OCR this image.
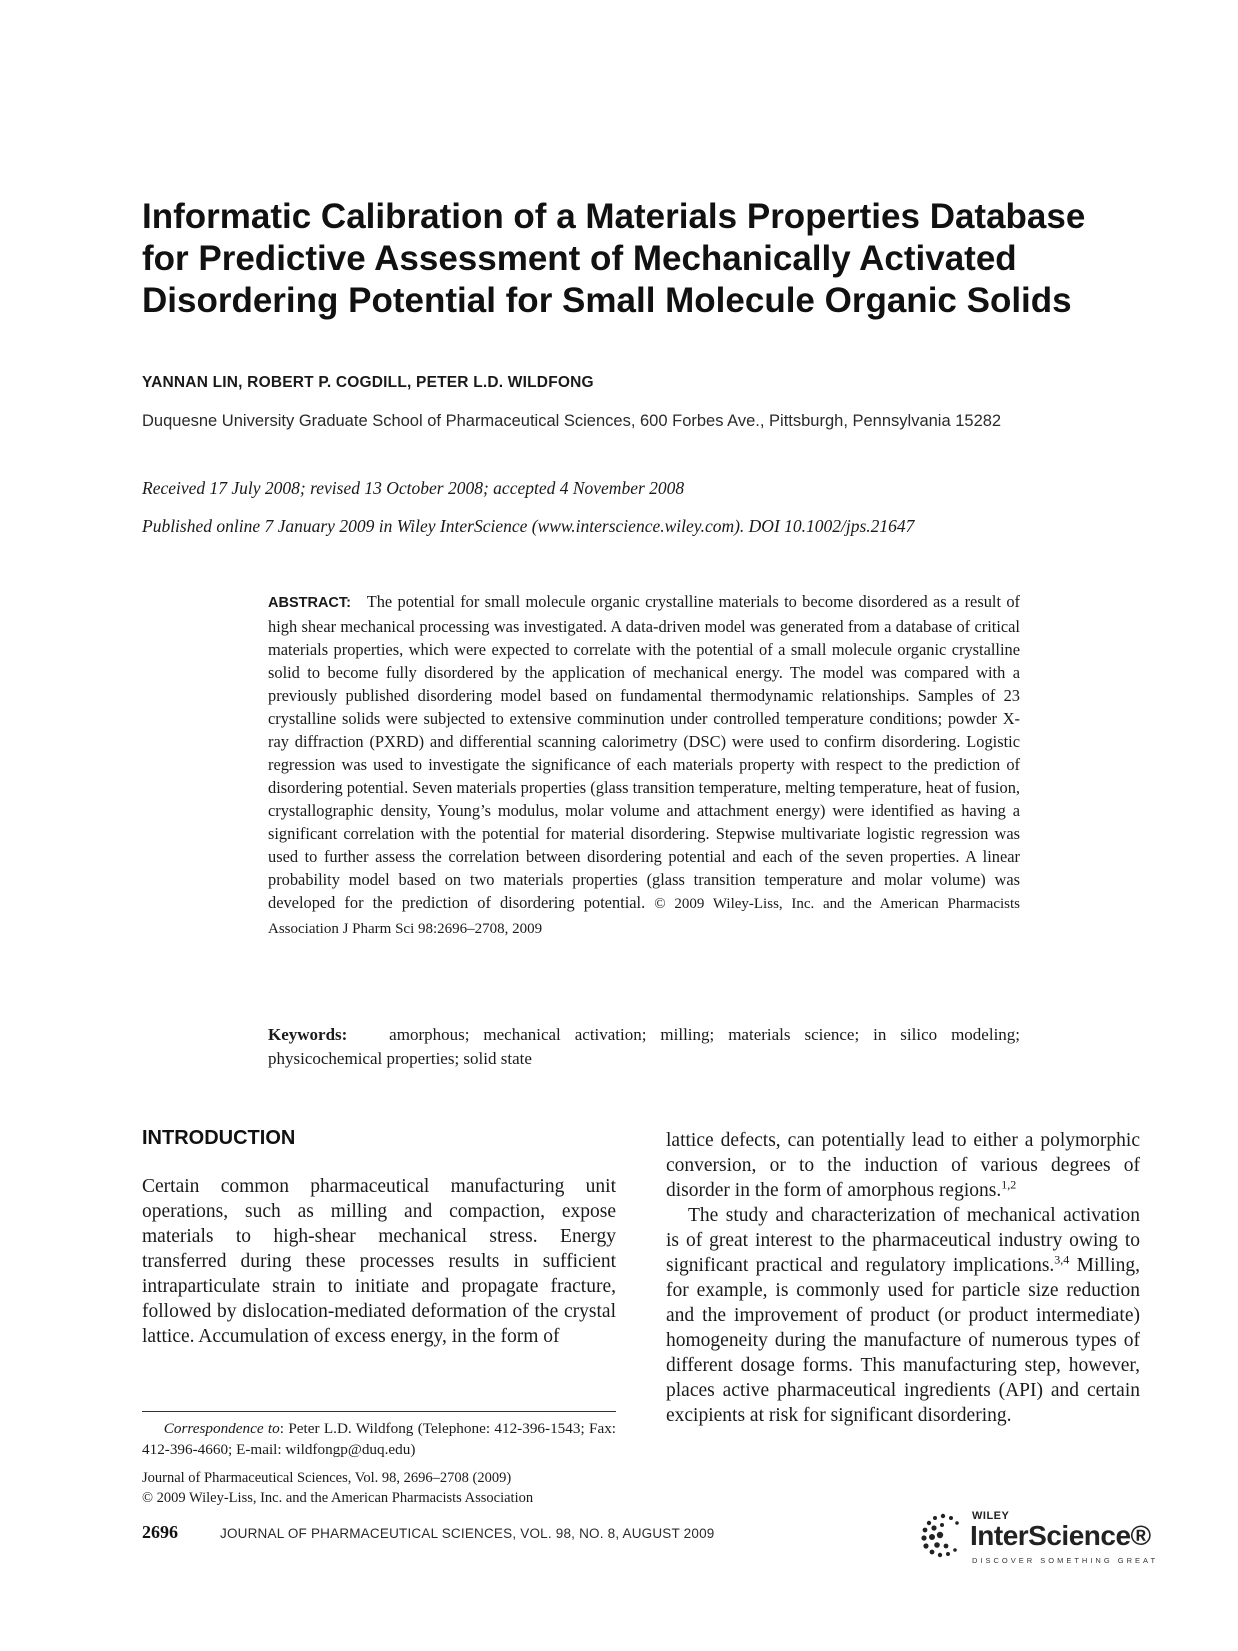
Informatic Calibration of a Materials Properties Database
for Predictive Assessment of Mechanically Activated
Disordering Potential for Small Molecule Organic Solids
YANNAN LIN, ROBERT P. COGDILL, PETER L.D. WILDFONG
Duquesne University Graduate School of Pharmaceutical Sciences, 600 Forbes Ave., Pittsburgh, Pennsylvania 15282
Received 17 July 2008; revised 13 October 2008; accepted 4 November 2008
Published online 7 January 2009 in Wiley InterScience (www.interscience.wiley.com). DOI 10.1002/jps.21647
ABSTRACT: The potential for small molecule organic crystalline materials to become disordered as a result of high shear mechanical processing was investigated. A data-driven model was generated from a database of critical materials properties, which were expected to correlate with the potential of a small molecule organic crystalline solid to become fully disordered by the application of mechanical energy. The model was compared with a previously published disordering model based on fundamental thermodynamic relationships. Samples of 23 crystalline solids were subjected to extensive comminution under controlled temperature conditions; powder X-ray diffraction (PXRD) and differential scanning calorimetry (DSC) were used to confirm disordering. Logistic regression was used to investigate the significance of each materials property with respect to the prediction of disordering potential. Seven materials properties (glass transition temperature, melting temperature, heat of fusion, crystallographic density, Young’s modulus, molar volume and attachment energy) were identified as having a significant correlation with the potential for material disordering. Stepwise multivariate logistic regression was used to further assess the correlation between disordering potential and each of the seven properties. A linear probability model based on two materials properties (glass transition temperature and molar volume) was developed for the prediction of disordering potential. © 2009 Wiley-Liss, Inc. and the American Pharmacists Association J Pharm Sci 98:2696–2708, 2009
Keywords: amorphous; mechanical activation; milling; materials science; in silico modeling; physicochemical properties; solid state
INTRODUCTION

Certain common pharmaceutical manufacturing unit operations, such as milling and compaction, expose materials to high-shear mechanical stress. Energy transferred during these processes results in sufficient intraparticulate strain to initiate and propagate fracture, followed by dislocation-mediated deformation of the crystal lattice. Accumulation of excess energy, in the form of

lattice defects, can potentially lead to either a polymorphic conversion, or to the induction of various degrees of disorder in the form of amorphous regions.$^{1,2}$

The study and characterization of mechanical activation is of great interest to the pharmaceutical industry owing to significant practical and regulatory implications.$^{3,4}$ Milling, for example, is commonly used for particle size reduction and the improvement of product (or product intermediate) homogeneity during the manufacture of numerous types of different dosage forms. This manufacturing step, however, places active pharmaceutical ingredients (API) and certain excipients at risk for significant disordering.

Correspondence to: Peter L.D. Wildfong (Telephone: 412-396-1543; Fax: 412-396-4660; E-mail: wildfongp@duq.edu)
Journal of Pharmaceutical Sciences, Vol. 98, 2696–2708 (2009)
© 2009 Wiley-Liss, Inc. and the American Pharmacists Association
2696	JOURNAL OF PHARMACEUTICAL SCIENCES, VOL. 98, NO. 8, AUGUST 2009
WILEY
InterScience®
DISCOVER SOMETHING GREAT
